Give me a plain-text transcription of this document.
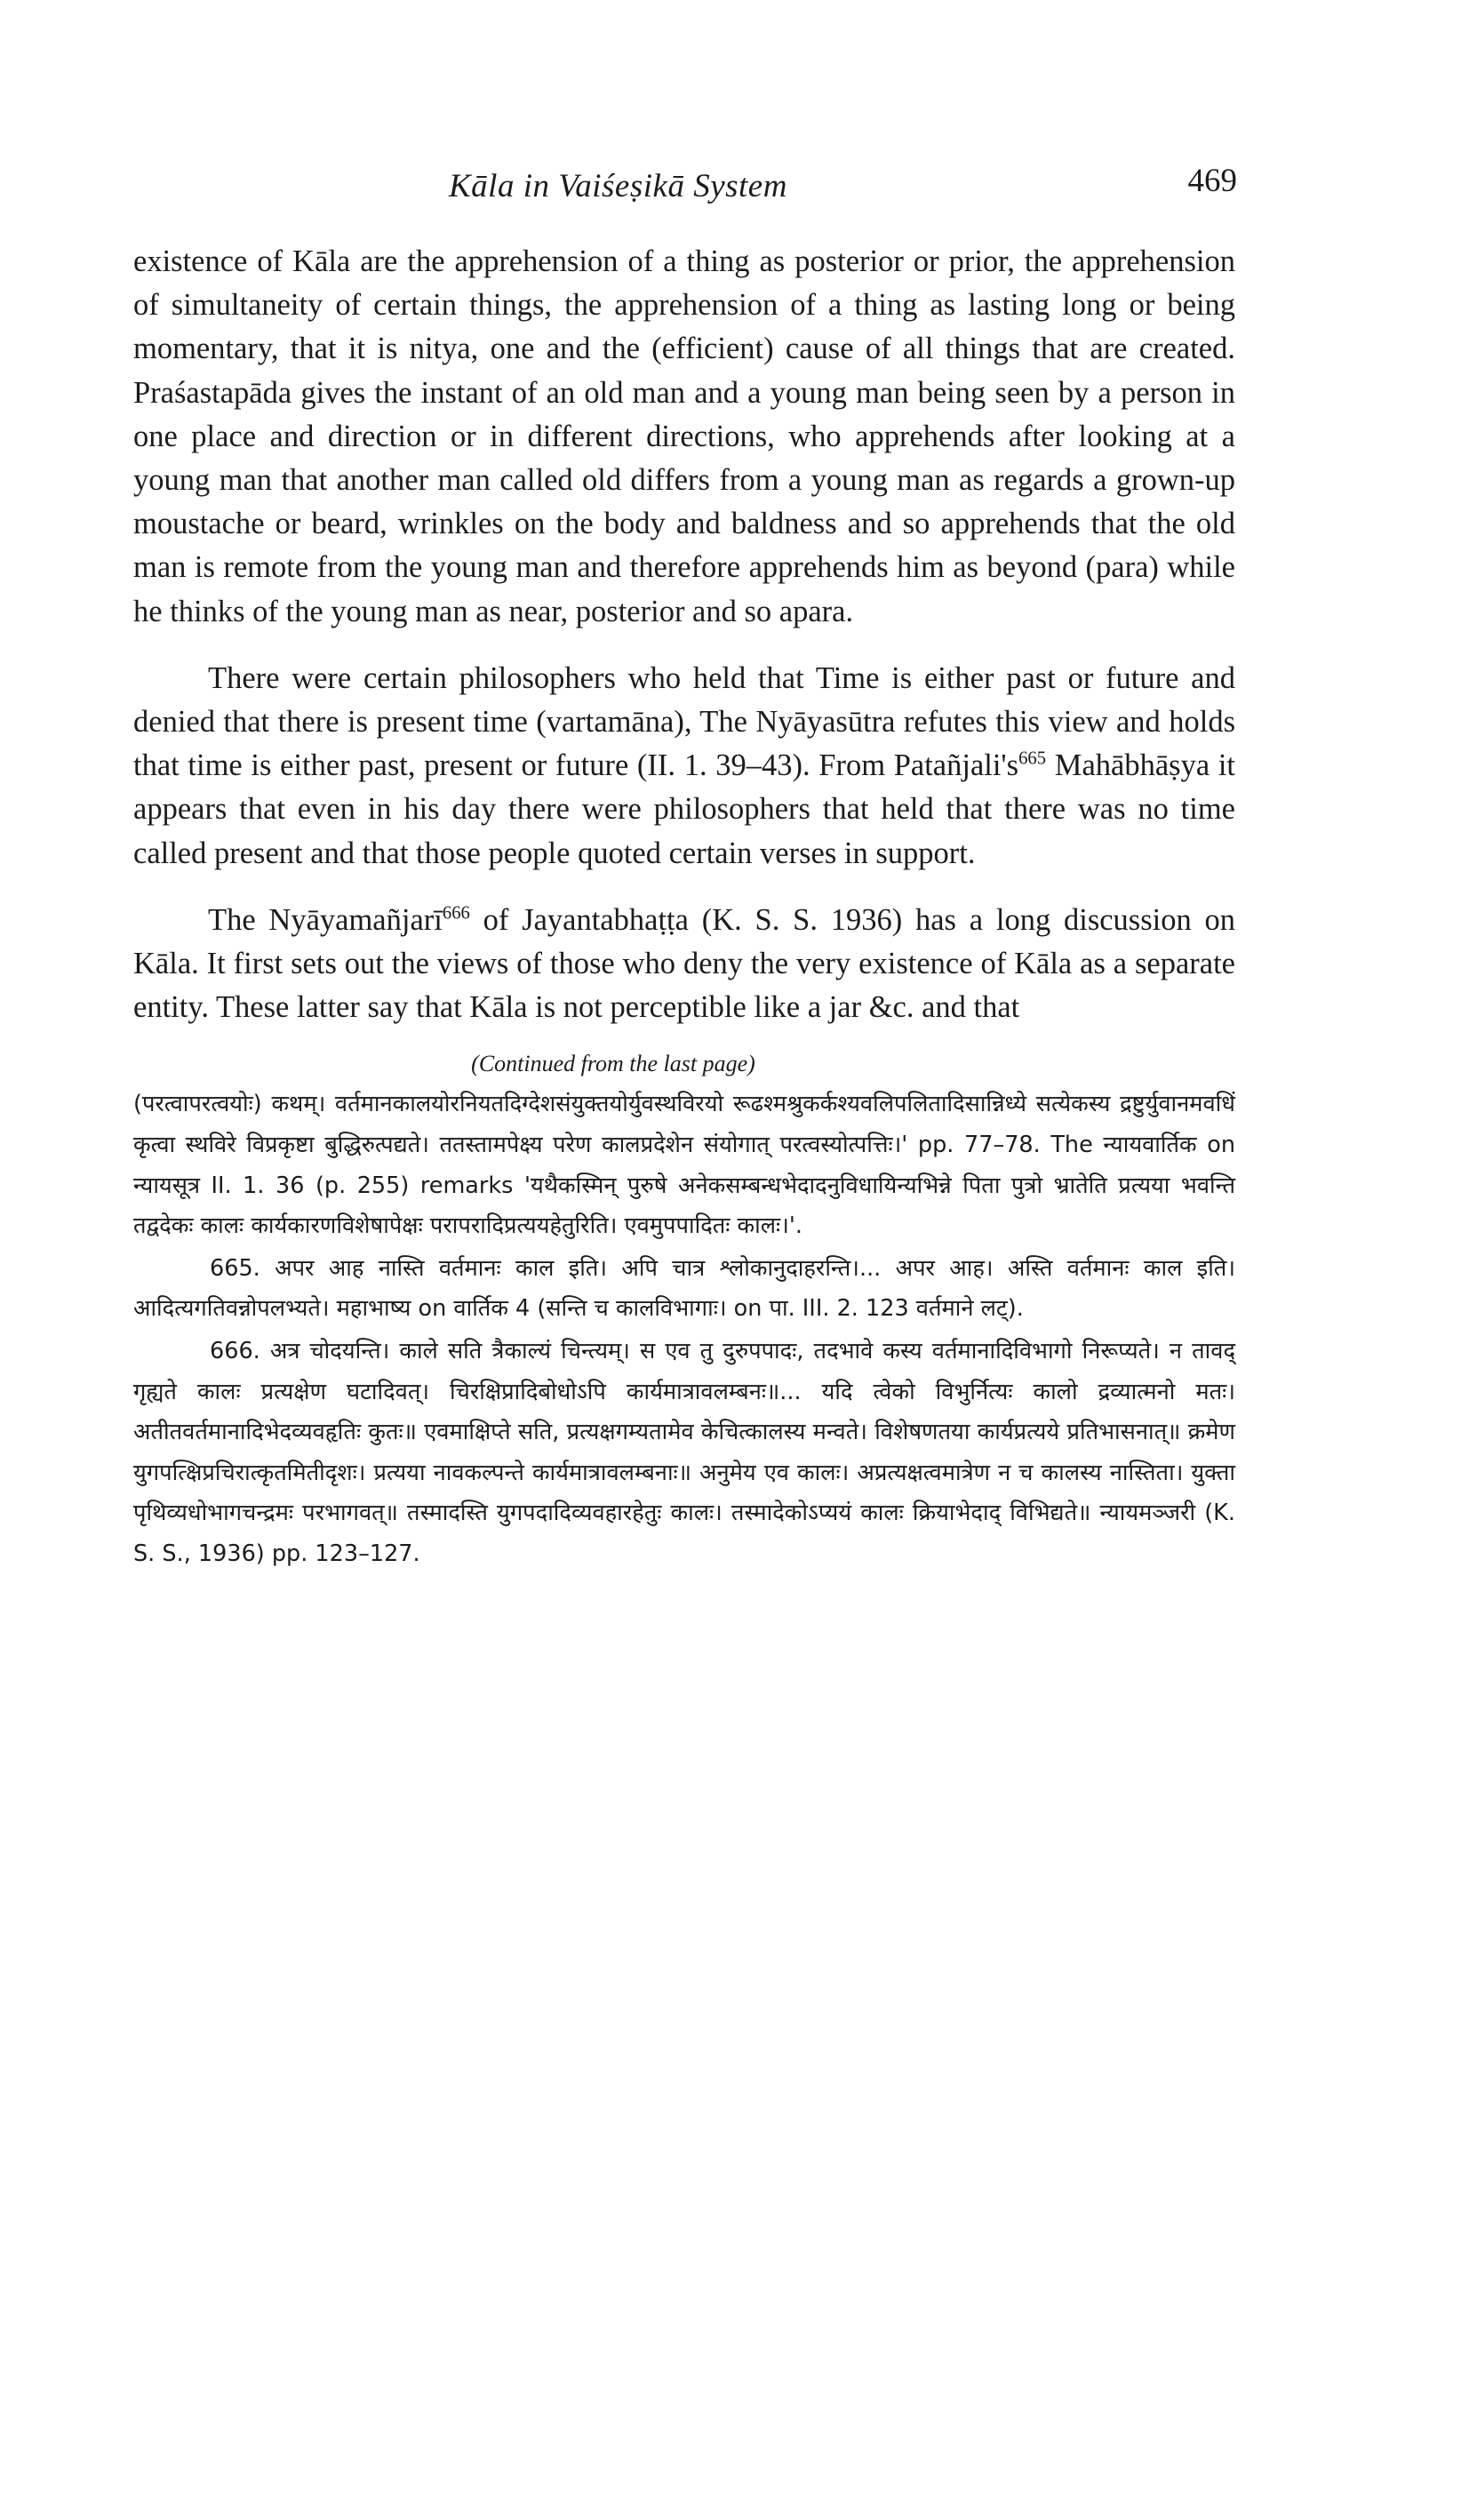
Kāla in Vaiśeṣikā System	469

existence of Kāla are the apprehension of a thing as posterior or prior, the apprehension of simultaneity of certain things, the apprehension of a thing as lasting long or being momentary, that it is nitya, one and the (efficient) cause of all things that are created. Praśastapāda gives the instant of an old man and a young man being seen by a person in one place and direction or in different directions, who apprehends after looking at a young man that another man called old differs from a young man as regards a grown-up moustache or beard, wrinkles on the body and baldness and so apprehends that the old man is remote from the young man and therefore apprehends him as beyond (para) while he thinks of the young man as near, posterior and so apara.

There were certain philosophers who held that Time is either past or future and denied that there is present time (vartamāna), The Nyāyasūtra refutes this view and holds that time is either past, present or future (II. 1. 39–43). From $Patañjali's^{665}$ Mahābhāṣya it appears that even in his day there were philosophers that held that there was no time called present and that those people quoted certain verses in support.

The Nyāyamañjarī$^{666}$ of Jayantabhaṭṭa (K. S. S. 1936) has a long discussion on Kāla. It first sets out the views of those who deny the very existence of Kāla as a separate entity. These latter say that Kāla is not perceptible like a jar &c. and that

(Continued from the last page)

(परत्वापरत्वयोः) कथम्। वर्तमानकालयोरनियतदिग्देशसंयुक्तयोर्युवस्थविरयो रूढश्मश्रुकर्कश्यवलिपलितादिसान्निध्ये सत्येकस्य द्रष्टुर्युवानमवधिं कृत्वा स्थविरे विप्रकृष्टा बुद्धिरुत्पद्यते। ततस्तामपेक्ष्य परेण कालप्रदेशेन संयोगात् परत्वस्योत्पत्तिः।' pp. 77–78. The न्यायवार्तिक on न्यायसूत्र II. 1. 36 (p. 255) remarks 'यथैकस्मिन् पुरुषे अनेकसम्बन्धभेदादनुविधायिन्यभिन्ने पिता पुत्रो भ्रातेति प्रत्यया भवन्ति तद्वदेकः कालः कार्यकारणविशेषापेक्षः परापरादिप्रत्ययहेतुरिति। एवमुपपादितः कालः।'.

665. अपर आह नास्ति वर्तमानः काल इति। अपि चात्र श्लोकानुदाहरन्ति।... अपर आह। अस्ति वर्तमानः काल इति। आदित्यगतिवन्नोपलभ्यते। महाभाष्य on वार्तिक 4 (सन्ति च कालविभागाः। on पा. III. 2. 123 वर्तमाने लट्).

666. अत्र चोदयन्ति। काले सति त्रैकाल्यं चिन्त्यम्। स एव तु दुरुपपादः, तदभावे कस्य वर्तमानादिविभागो निरूप्यते। न तावद् गृह्यते कालः प्रत्यक्षेण घटादिवत्। चिरक्षिप्रादिबोधोऽपि कार्यमात्रावलम्बनः॥... यदि त्वेको विभुर्नित्यः कालो द्रव्यात्मनो मतः। अतीतवर्तमानादिभेदव्यवहृतिः कुतः॥ एवमाक्षिप्ते सति, प्रत्यक्षगम्यतामेव केचित्कालस्य मन्वते। विशेषणतया कार्यप्रत्यये प्रतिभासनात्॥ क्रमेण युगपत्क्षिप्रचिरात्कृतमितीदृशः। प्रत्यया नावकल्पन्ते कार्यमात्रावलम्बनाः॥ अनुमेय एव कालः। अप्रत्यक्षत्वमात्रेण न च कालस्य नास्तिता। युक्ता पृथिव्यधोभागचन्द्रमः परभागवत्॥ तस्मादस्ति युगपदादिव्यवहारहेतुः कालः। तस्मादेकोऽप्ययं कालः क्रियाभेदाद् विभिद्यते॥ न्यायमञ्जरी (K. S. S., 1936) pp. 123–127.
